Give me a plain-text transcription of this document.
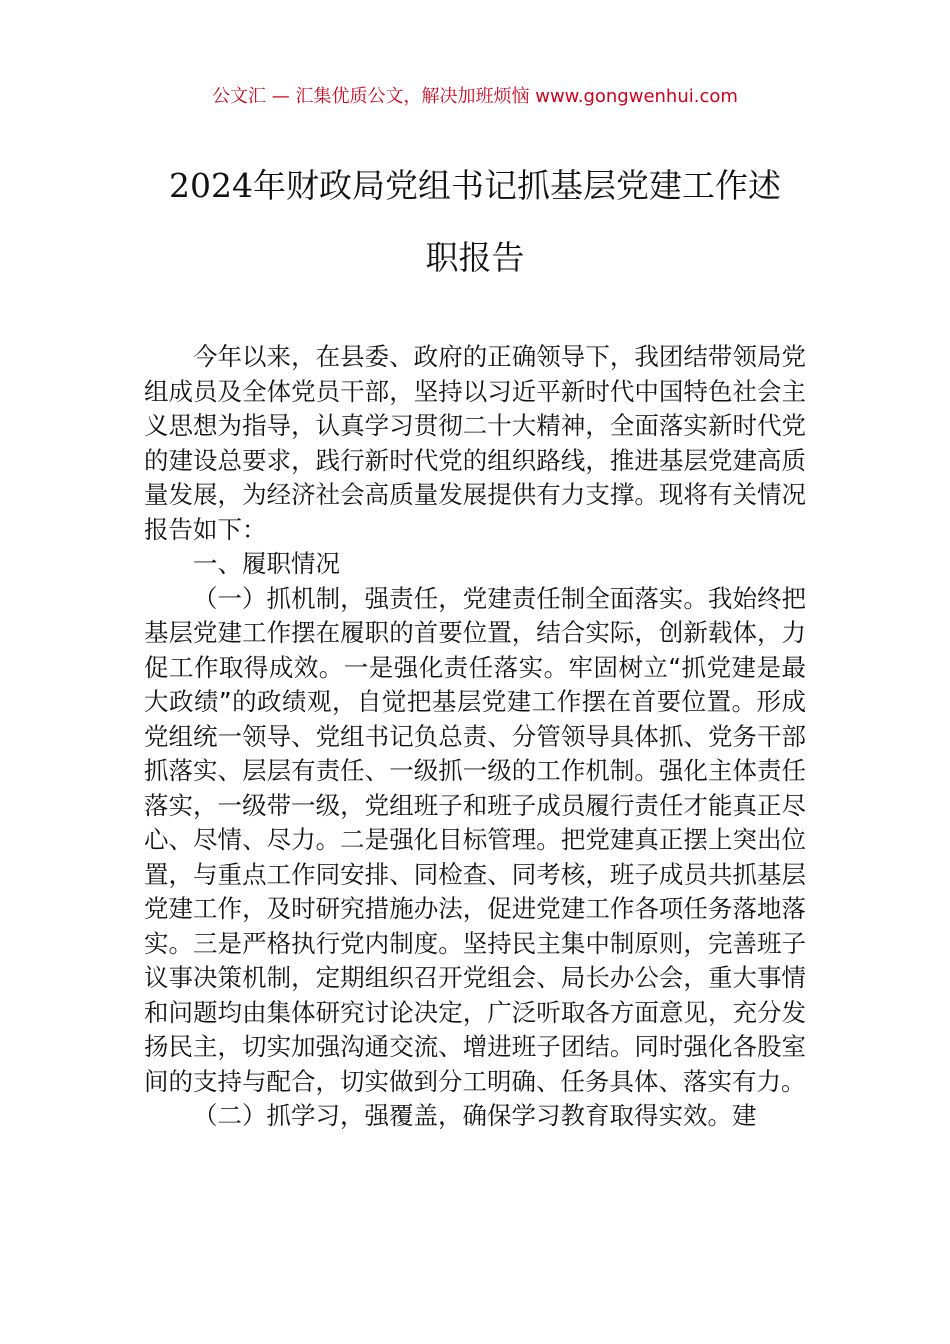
公文汇 — 汇集优质公文，解决加班烦恼 www.gongwenhui.com
2024年财政局党组书记抓基层党建工作述
职报告

今年以来，在县委、政府的正确领导下，我团结带领局党组成员及全体党员干部，坚持以习近平新时代中国特色社会主义思想为指导，认真学习贯彻二十大精神，全面落实新时代党的建设总要求，践行新时代党的组织路线，推进基层党建高质量发展，为经济社会高质量发展提供有力支撑。现将有关情况报告如下：

一、履职情况

（一）抓机制，强责任，党建责任制全面落实。我始终把基层党建工作摆在履职的首要位置，结合实际，创新载体，力促工作取得成效。一是强化责任落实。牢固树立“抓党建是最大政绩”的政绩观，自觉把基层党建工作摆在首要位置。形成党组统一领导、党组书记负总责、分管领导具体抓、党务干部抓落实、层层有责任、一级抓一级的工作机制。强化主体责任落实，一级带一级，党组班子和班子成员履行责任才能真正尽心、尽情、尽力。二是强化目标管理。把党建真正摆上突出位置，与重点工作同安排、同检查、同考核，班子成员共抓基层党建工作，及时研究措施办法，促进党建工作各项任务落地落实。三是严格执行党内制度。坚持民主集中制原则，完善班子议事决策机制，定期组织召开党组会、局长办公会，重大事情和问题均由集体研究讨论决定，广泛听取各方面意见，充分发扬民主，切实加强沟通交流、增进班子团结。同时强化各股室间的支持与配合，切实做到分工明确、任务具体、落实有力。

（二）抓学习，强覆盖，确保学习教育取得实效。建
